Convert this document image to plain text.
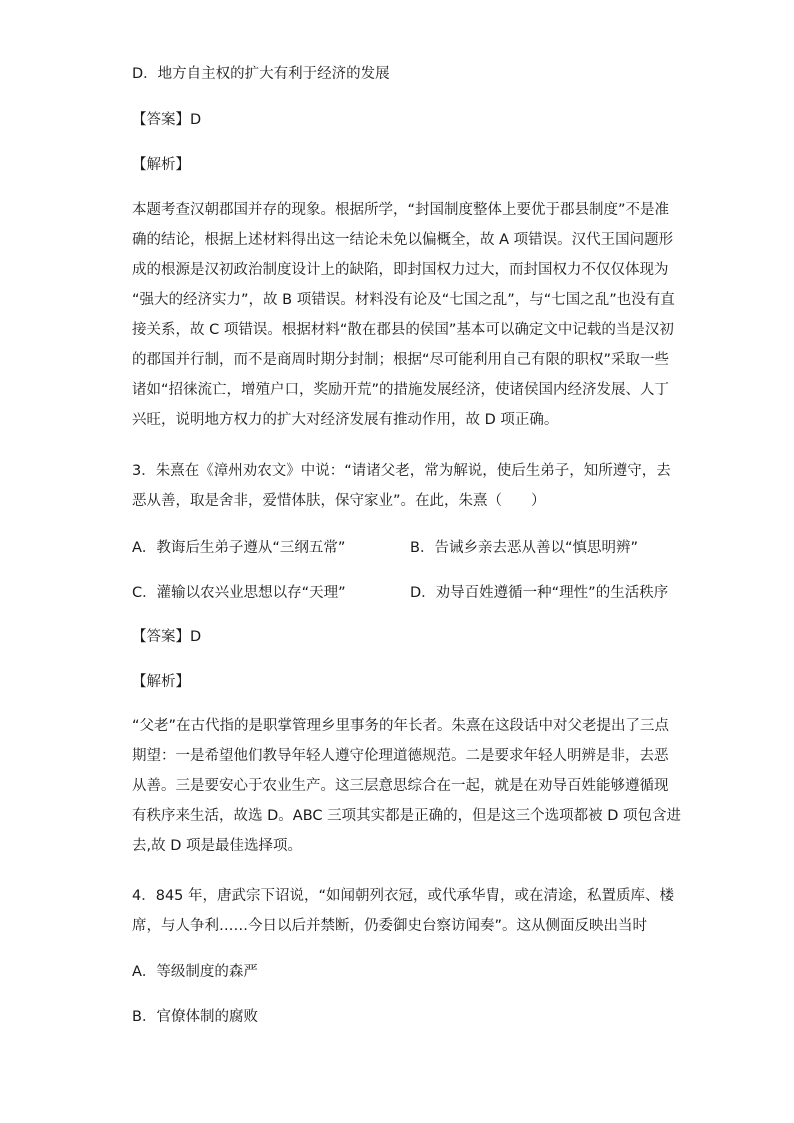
D．地方自主权的扩大有利于经济的发展
【答案】D
【解析】
本题考查汉朝郡国并存的现象。根据所学，“封国制度整体上要优于郡县制度”不是准
确的结论，根据上述材料得出这一结论未免以偏概全，故 A 项错误。汉代王国问题形
成的根源是汉初政治制度设计上的缺陷，即封国权力过大，而封国权力不仅仅体现为
“强大的经济实力”，故 B 项错误。材料没有论及“七国之乱”，与“七国之乱”也没有直
接关系，故 C 项错误。根据材料“散在郡县的侯国”基本可以确定文中记载的当是汉初
的郡国并行制，而不是商周时期分封制；根据“尽可能利用自己有限的职权”采取一些
诸如“招徕流亡，增殖户口，奖励开荒”的措施发展经济，使诸侯国内经济发展、人丁
兴旺，说明地方权力的扩大对经济发展有推动作用，故 D 项正确。
3．朱熹在《漳州劝农文》中说：“请诸父老，常为解说，使后生弟子，知所遵守，去
恶从善，取是舍非，爱惜体肤，保守家业”。在此，朱熹（　　）
A．教诲后生弟子遵从“三纲五常”	B．告诫乡亲去恶从善以“慎思明辨”
C．灌输以农兴业思想以存“天理”	D．劝导百姓遵循一种“理性”的生活秩序
【答案】D
【解析】
“父老”在古代指的是职掌管理乡里事务的年长者。朱熹在这段话中对父老提出了三点
期望：一是希望他们教导年轻人遵守伦理道德规范。二是要求年轻人明辨是非，去恶
从善。三是要安心于农业生产。这三层意思综合在一起，就是在劝导百姓能够遵循现
有秩序来生活，故选 D。ABC 三项其实都是正确的，但是这三个选项都被 D 项包含进
去,故 D 项是最佳选择项。
4．845 年，唐武宗下诏说，“如闻朝列衣冠，或代承华胄，或在清途，私置质库、楼
席，与人争利……今日以后并禁断，仍委御史台察访闻奏”。这从侧面反映出当时
A．等级制度的森严
B．官僚体制的腐败
